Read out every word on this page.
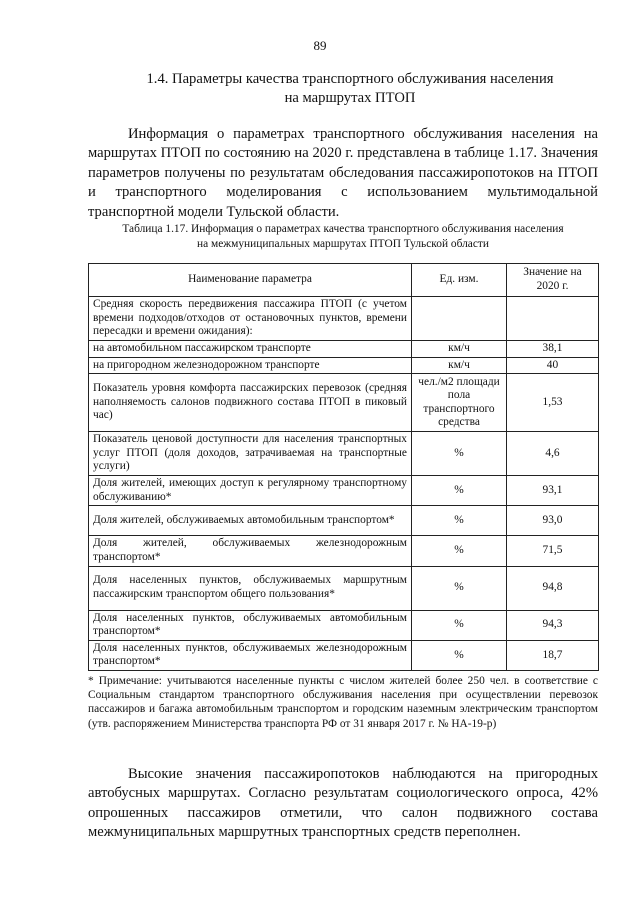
89
1.4. Параметры качества транспортного обслуживания населения
на маршрутах ПТОП

Информация о параметрах транспортного обслуживания населения на маршрутах ПТОП по состоянию на 2020 г. представлена в таблице 1.17. Значения параметров получены по результатам обследования пассажиропотоков на ПТОП и транспортного моделирования с использованием мультимодальной транспортной модели Тульской области.

Таблица 1.17. Информация о параметрах качества транспортного обслуживания населения
на межмуниципальных маршрутах ПТОП Тульской области
Наименование параметра	Ед. изм.	Значение на 2020 г.
Средняя скорость передвижения пассажира ПТОП (с учетом времени подходов/отходов от остановочных пунктов, времени пересадки и времени ожидания):		
на автомобильном пассажирском транспорте	км/ч	38,1
на пригородном железнодорожном транспорте	км/ч	40
Показатель уровня комфорта пассажирских перевозок (средняя наполняемость салонов подвижного состава ПТОП в пиковый час)	чел./м2 площади пола транспортного средства	1,53
Показатель ценовой доступности для населения транспортных услуг ПТОП (доля доходов, затрачиваемая на транспортные услуги)	%	4,6
Доля жителей, имеющих доступ к регулярному транспортному обслуживанию*	%	93,1
Доля жителей, обслуживаемых автомобильным транспортом*	%	93,0
Доля жителей, обслуживаемых железнодорожным транспортом*	%	71,5
Доля населенных пунктов, обслуживаемых маршрутным пассажирским транспортом общего пользования*	%	94,8
Доля населенных пунктов, обслуживаемых автомобильным транспортом*	%	94,3
Доля населенных пунктов, обслуживаемых железнодорожным транспортом*	%	18,7

* Примечание: учитываются населенные пункты с числом жителей более 250 чел. в соответствие с Социальным стандартом транспортного обслуживания населения при осуществлении перевозок пассажиров и багажа автомобильным транспортом и городским наземным электрическим транспортом (утв. распоряжением Министерства транспорта РФ от 31 января 2017 г. № НА-19-р)

Высокие значения пассажиропотоков наблюдаются на пригородных автобусных маршрутах. Согласно результатам социологического опроса, 42% опрошенных пассажиров отметили, что салон подвижного состава межмуниципальных маршрутных транспортных средств переполнен.
